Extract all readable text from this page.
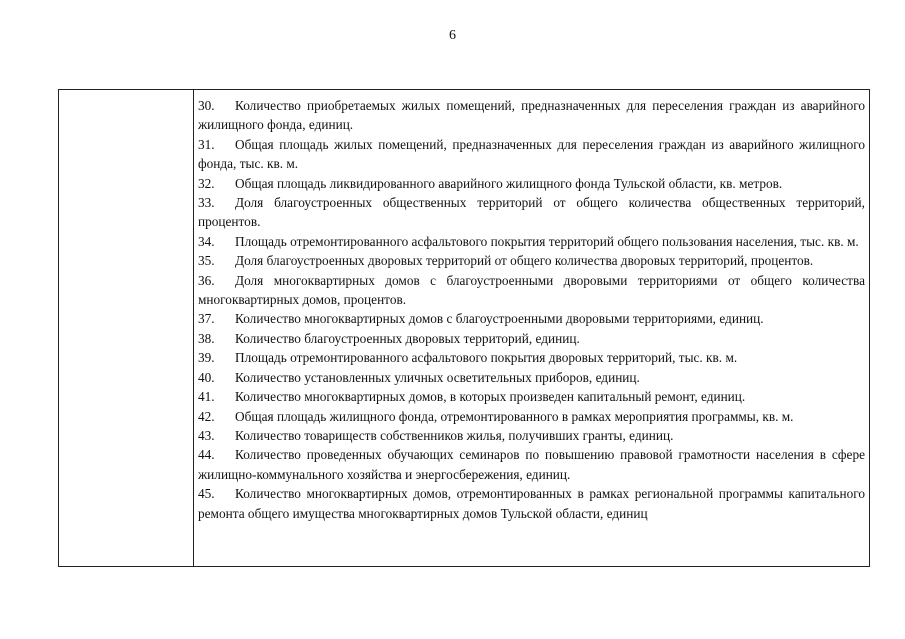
6

30. Количество приобретаемых жилых помещений, предназначенных для переселения граждан из аварийного жилищного фонда, единиц.

31. Общая площадь жилых помещений, предназначенных для переселения граждан из аварийного жилищного фонда, тыс. кв. м.

32. Общая площадь ликвидированного аварийного жилищного фонда Тульской области, кв. метров.

33. Доля благоустроенных общественных территорий от общего количества общественных территорий, процентов.

34. Площадь отремонтированного асфальтового покрытия территорий общего пользования населения, тыс. кв. м.

35. Доля благоустроенных дворовых территорий от общего количества дворовых территорий, процентов.

36. Доля многоквартирных домов с благоустроенными дворовыми территориями от общего количества многоквартирных домов, процентов.

37. Количество многоквартирных домов с благоустроенными дворовыми территориями, единиц.

38. Количество благоустроенных дворовых территорий, единиц.

39. Площадь отремонтированного асфальтового покрытия дворовых территорий, тыс. кв. м.

40. Количество установленных уличных осветительных приборов, единиц.

41. Количество многоквартирных домов, в которых произведен капитальный ремонт, единиц.

42. Общая площадь жилищного фонда, отремонтированного в рамках мероприятия программы, кв. м.

43. Количество товариществ собственников жилья, получивших гранты, единиц.

44. Количество проведенных обучающих семинаров по повышению правовой грамотности населения в сфере жилищно-коммунального хозяйства и энергосбережения, единиц.

45. Количество многоквартирных домов, отремонтированных в рамках региональной программы капитального ремонта общего имущества многоквартирных домов Тульской области, единиц
